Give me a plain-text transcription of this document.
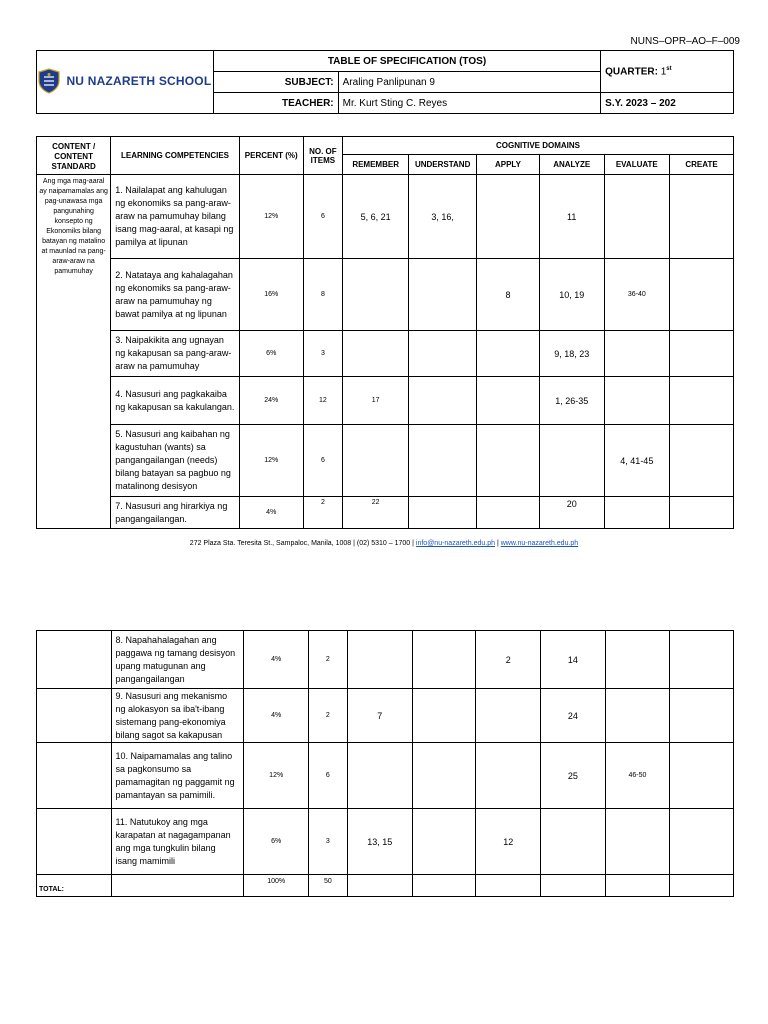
NUNS–OPR–AO–F–009
NU NAZARETH SCHOOL	TABLE OF SPECIFICATION (TOS)		QUARTER: 1st
	SUBJECT:	Araling Panlipunan 9	
	TEACHER:	Mr. Kurt Sting C. Reyes	S.Y. 2023 – 202
CONTENT / CONTENT STANDARD	LEARNING COMPETENCIES	PERCENT (%)	NO. OF ITEMS	COGNITIVE DOMAINS					
				REMEMBER	UNDERSTAND	APPLY	ANALYZE	EVALUATE	CREATE
Ang mga mag-aaral ay naipamamalas ang pag-unawasa mga pangunahing konsepto ng Ekonomiks bilang batayan ng matalino at maunlad na pang-araw-araw na pamumuhay	1. Nailalapat ang kahulugan ng ekonomiks sa pang-araw-araw na pamumuhay bilang isang mag-aaral, at kasapi ng pamilya at lipunan	12%	6	5, 6, 21	3, 16,		11		
	2. Natataya ang kahalagahan ng ekonomiks sa pang-araw-araw na pamumuhay ng bawat pamilya at ng lipunan	16%	8			8	10, 19	36-40	
	3. Naipakikita ang ugnayan ng kakapusan sa pang-araw- araw na pamumuhay	6%	3				9, 18, 23		
	4. Nasusuri ang pagkakaiba ng kakapusan sa kakulangan.	24%	12	17			1, 26-35		
	5. Nasusuri ang kaibahan ng kagustuhan (wants) sa pangangailangan (needs) bilang batayan sa pagbuo ng matalinong desisyon	12%	6					4, 41-45	
	7. Nasusuri ang hirarkiya ng pangangailangan.	4%	2	22			20		
272 Plaza Sta. Teresita St., Sampaloc, Manila, 1008 | (02) 5310 – 1700 | info@nu-nazareth.edu.ph | www.nu-nazareth.edu.ph
	8. Napahahalagahan ang paggawa ng tamang desisyon upang matugunan ang pangangailangan	4%	2			2	14		
	9. Nasusuri ang mekanismo ng alokasyon sa iba't-ibang sistemang pang-ekonomiya bilang sagot sa kakapusan	4%	2	7			24		
	10. Naipamamalas ang talino sa pagkonsumo sa pamamagitan ng paggamit ng pamantayan sa pamimili.	12%	6				25	46-50	
	11. Natutukoy ang mga karapatan at nagagampanan ang mga tungkulin bilang isang mamimili	6%	3	13, 15		12			
TOTAL:		100%	50						
